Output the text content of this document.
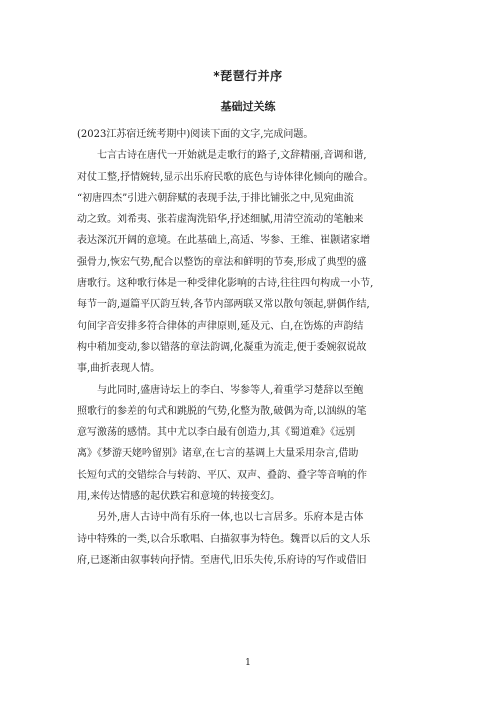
*琵琶行并序
基础过关练
(2023江苏宿迁统考期中)阅读下面的文字,完成问题。
　　七言古诗在唐代一开始就是走歌行的路子,文辞精丽,音调和谐,
对仗工整,抒情婉转,显示出乐府民歌的底色与诗体律化倾向的融合。
“初唐四杰”引进六朝辞赋的表现手法,于排比铺张之中,见宛曲流
动之致。刘希夷、张若虚淘洗铅华,抒述细腻,用清空流动的笔触来
表达深沉开阔的意境。在此基础上,高适、岑参、王维、崔颢诸家增
强骨力,恢宏气势,配合以整饬的章法和鲜明的节奏,形成了典型的盛
唐歌行。这种歌行体是一种受律化影响的古诗,往往四句构成一小节,
每节一韵,逼篇平仄韵互转,各节内部两联又常以散句领起,骈偶作结,
句间字音安排多符合律体的声律原则,延及元、白,在饬炼的声韵结
构中稍加变动,参以错落的章法韵调,化凝重为流走,便于委婉叙说故
事,曲折表现人情。
　　与此同时,盛唐诗坛上的李白、岑参等人,着重学习楚辞以至鲍
照歌行的参差的句式和跳脱的气势,化整为散,破偶为奇,以汹纵的笔
意写激荡的感情。其中尤以李白最有创造力,其《蜀道难》《远别
离》《梦游天姥吟留别》诸章,在七言的基调上大量采用杂言,借助
长短句式的交错综合与转韵、平仄、双声、叠韵、叠字等音响的作
用,来传达情感的起伏跌宕和意境的转接变幻。
　　另外,唐人古诗中尚有乐府一体,也以七言居多。乐府本是古体
诗中特殊的一类,以合乐歌唱、白描叙事为特色。魏晋以后的文人乐
府,已逐渐由叙事转向抒情。至唐代,旧乐失传,乐府诗的写作或借旧
1
